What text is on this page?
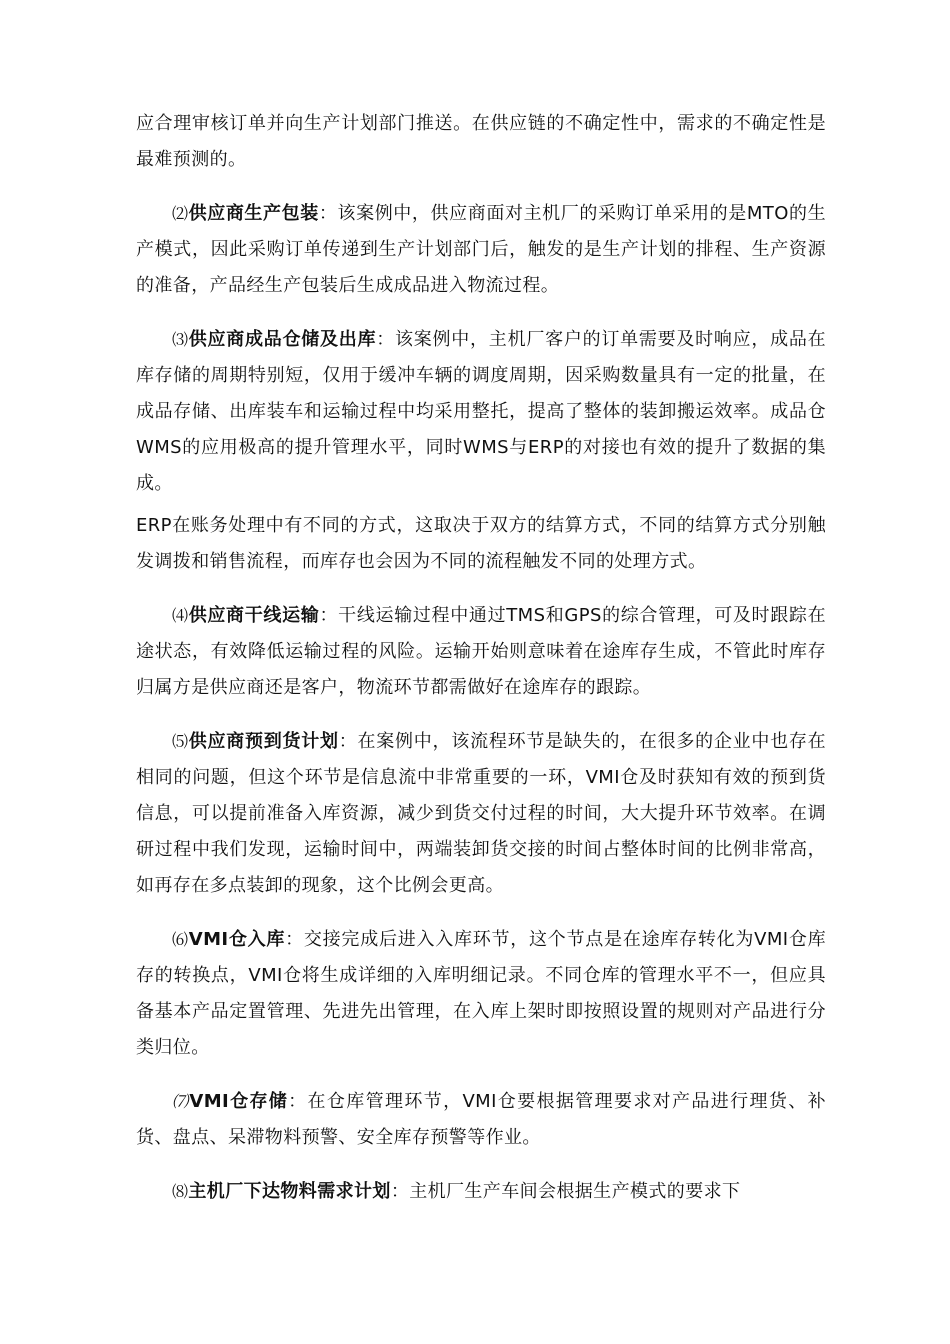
应合理审核订单并向生产计划部门推送。在供应链的不确定性中，需求的不确定性是最难预测的。

⑵供应商生产包装：该案例中，供应商面对主机厂的采购订单采用的是MTO的生产模式，因此采购订单传递到生产计划部门后，触发的是生产计划的排程、生产资源的准备，产品经生产包装后生成成品进入物流过程。

⑶供应商成品仓储及出库：该案例中，主机厂客户的订单需要及时响应，成品在库存储的周期特别短，仅用于缓冲车辆的调度周期，因采购数量具有一定的批量，在成品存储、出库装车和运输过程中均采用整托，提高了整体的装卸搬运效率。成品仓WMS的应用极高的提升管理水平，同时WMS与ERP的对接也有效的提升了数据的集成。

ERP在账务处理中有不同的方式，这取决于双方的结算方式，不同的结算方式分别触发调拨和销售流程，而库存也会因为不同的流程触发不同的处理方式。

⑷供应商干线运输：干线运输过程中通过TMS和GPS的综合管理，可及时跟踪在途状态，有效降低运输过程的风险。运输开始则意味着在途库存生成，不管此时库存归属方是供应商还是客户，物流环节都需做好在途库存的跟踪。

⑸供应商预到货计划：在案例中，该流程环节是缺失的，在很多的企业中也存在相同的问题，但这个环节是信息流中非常重要的一环，VMI仓及时获知有效的预到货信息，可以提前准备入库资源，减少到货交付过程的时间，大大提升环节效率。在调研过程中我们发现，运输时间中，两端装卸货交接的时间占整体时间的比例非常高，如再存在多点装卸的现象，这个比例会更高。

⑹VMI仓入库：交接完成后进入入库环节，这个节点是在途库存转化为VMI仓库存的转换点，VMI仓将生成详细的入库明细记录。不同仓库的管理水平不一，但应具备基本产品定置管理、先进先出管理，在入库上架时即按照设置的规则对产品进行分类归位。

⑺VMI仓存储：在仓库管理环节，VMI仓要根据管理要求对产品进行理货、补货、盘点、呆滞物料预警、安全库存预警等作业。

⑻主机厂下达物料需求计划：主机厂生产车间会根据生产模式的要求下
